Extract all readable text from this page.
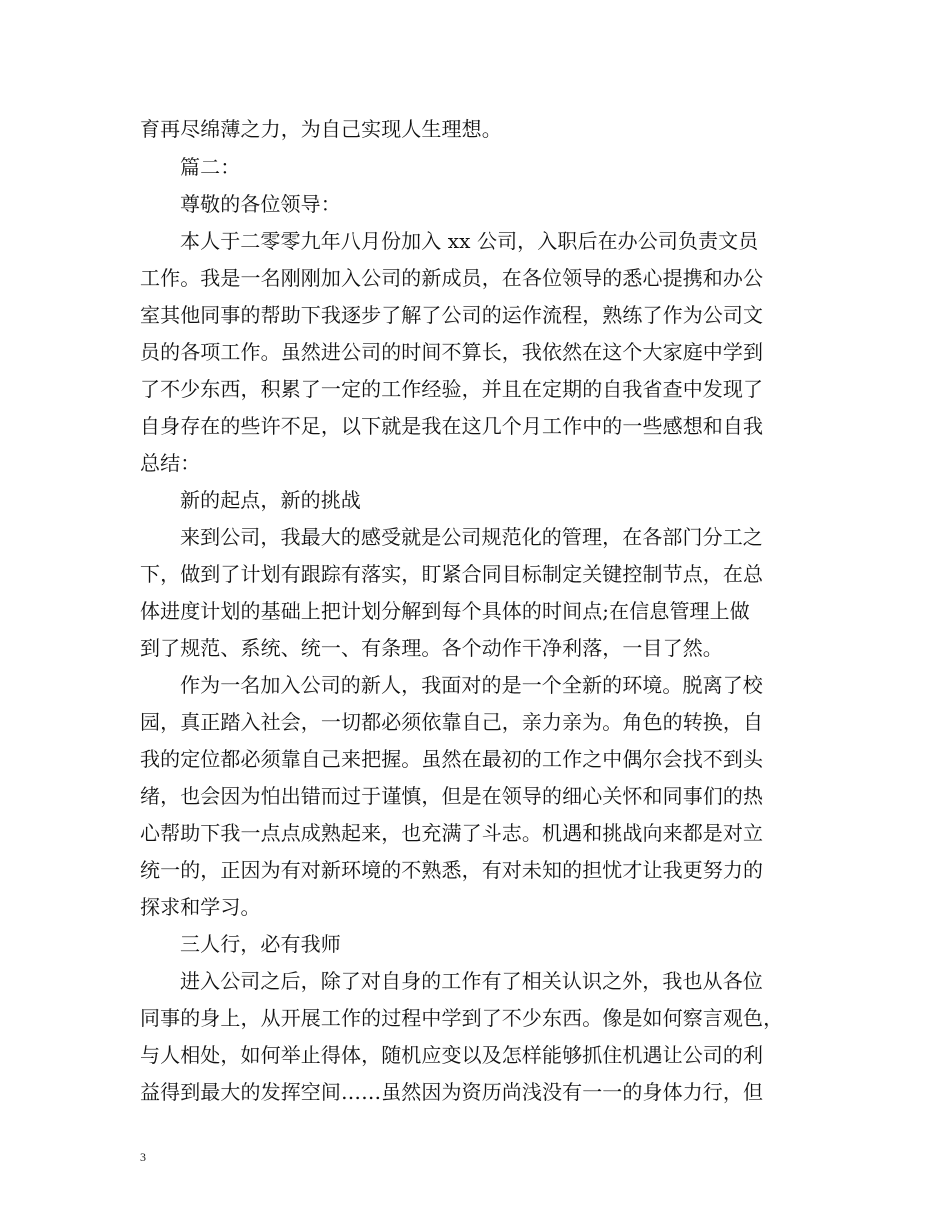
育再尽绵薄之力，为自己实现人生理想。
篇二：
尊敬的各位领导：
本人于二零零九年八月份加入 xx 公司，入职后在办公司负责文员
工作。我是一名刚刚加入公司的新成员，在各位领导的悉心提携和办公
室其他同事的帮助下我逐步了解了公司的运作流程，熟练了作为公司文
员的各项工作。虽然进公司的时间不算长，我依然在这个大家庭中学到
了不少东西，积累了一定的工作经验，并且在定期的自我省查中发现了
自身存在的些许不足，以下就是我在这几个月工作中的一些感想和自我
总结：
新的起点，新的挑战
来到公司，我最大的感受就是公司规范化的管理，在各部门分工之
下，做到了计划有跟踪有落实，盯紧合同目标制定关键控制节点，在总
体进度计划的基础上把计划分解到每个具体的时间点;在信息管理上做
到了规范、系统、统一、有条理。各个动作干净利落，一目了然。
作为一名加入公司的新人，我面对的是一个全新的环境。脱离了校
园，真正踏入社会，一切都必须依靠自己，亲力亲为。角色的转换，自
我的定位都必须靠自己来把握。虽然在最初的工作之中偶尔会找不到头
绪，也会因为怕出错而过于谨慎，但是在领导的细心关怀和同事们的热
心帮助下我一点点成熟起来，也充满了斗志。机遇和挑战向来都是对立
统一的，正因为有对新环境的不熟悉，有对未知的担忧才让我更努力的
探求和学习。
三人行，必有我师
进入公司之后，除了对自身的工作有了相关认识之外，我也从各位
同事的身上，从开展工作的过程中学到了不少东西。像是如何察言观色，
与人相处，如何举止得体，随机应变以及怎样能够抓住机遇让公司的利
益得到最大的发挥空间……虽然因为资历尚浅没有一一的身体力行，但
3
